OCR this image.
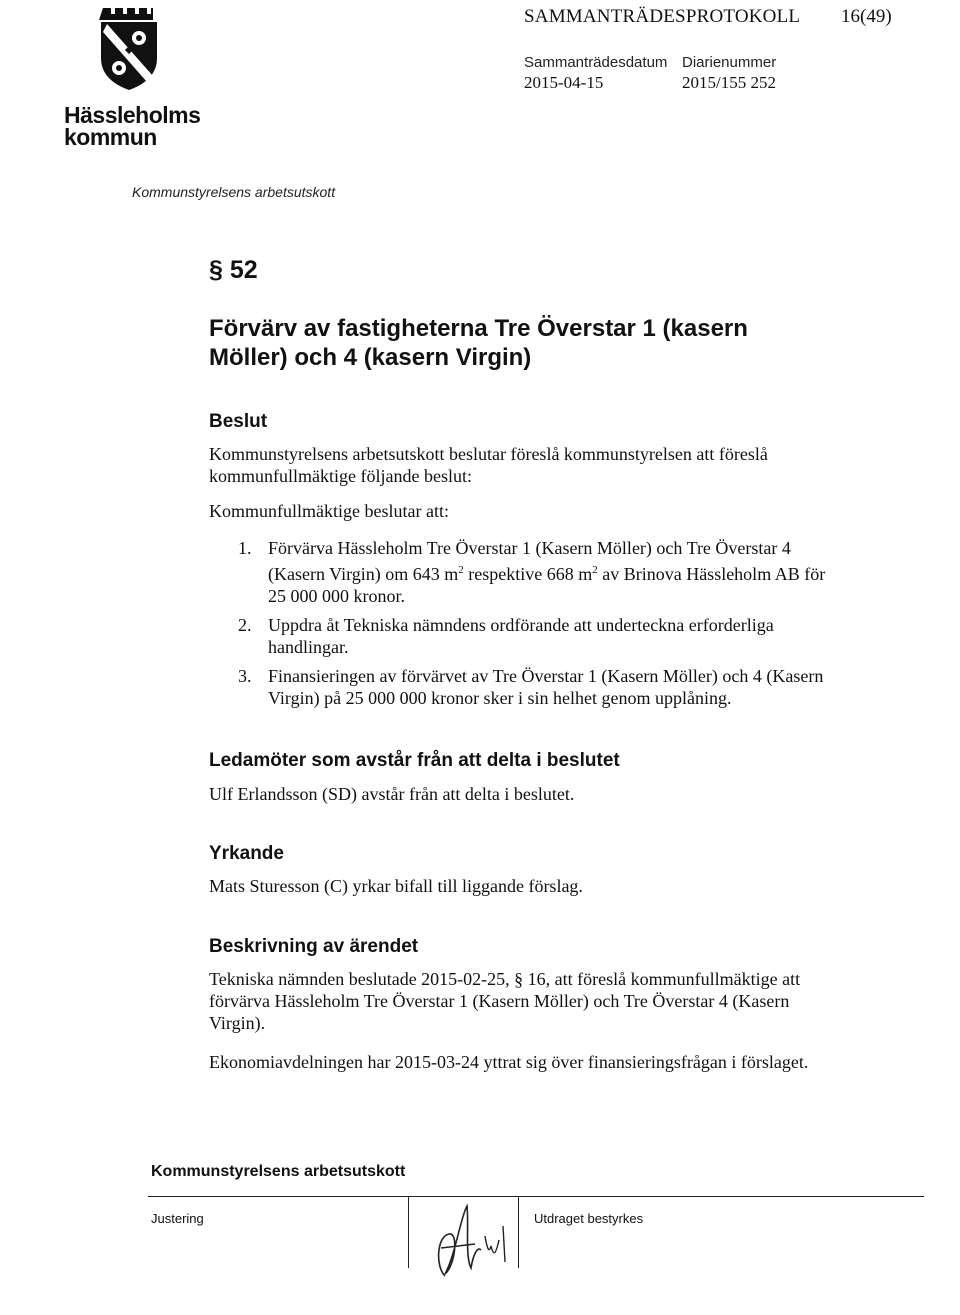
Hässleholms
kommun
SAMMANTRÄDESPROTOKOLL 16(49)
Sammanträdesdatum
2015-04-15
Diarienummer
2015/155 252
Kommunstyrelsens arbetsutskott
§ 52
Förvärv av fastigheterna Tre Överstar 1 (kasern Möller) och 4 (kasern Virgin)
Beslut
Kommunstyrelsens arbetsutskott beslutar föreslå kommunstyrelsen att föreslå kommunfullmäktige följande beslut:
Kommunfullmäktige beslutar att:
1. Förvärva Hässleholm Tre Överstar 1 (Kasern Möller) och Tre Överstar 4 (Kasern Virgin) om 643 $m^2$ respektive 668 $m^2$ av Brinova Hässleholm AB för 25 000 000 kronor.
2. Uppdra åt Tekniska nämndens ordförande att underteckna erforderliga handlingar.
3. Finansieringen av förvärvet av Tre Överstar 1 (Kasern Möller) och 4 (Kasern Virgin) på 25 000 000 kronor sker i sin helhet genom upplåning.
Ledamöter som avstår från att delta i beslutet
Ulf Erlandsson (SD) avstår från att delta i beslutet.
Yrkande
Mats Sturesson (C) yrkar bifall till liggande förslag.
Beskrivning av ärendet
Tekniska nämnden beslutade 2015-02-25, § 16, att föreslå kommunfullmäktige att förvärva Hässleholm Tre Överstar 1 (Kasern Möller) och Tre Överstar 4 (Kasern Virgin).
Ekonomiavdelningen har 2015-03-24 yttrat sig över finansieringsfrågan i förslaget.
Kommunstyrelsens arbetsutskott
Justering	Utdraget bestyrkes
